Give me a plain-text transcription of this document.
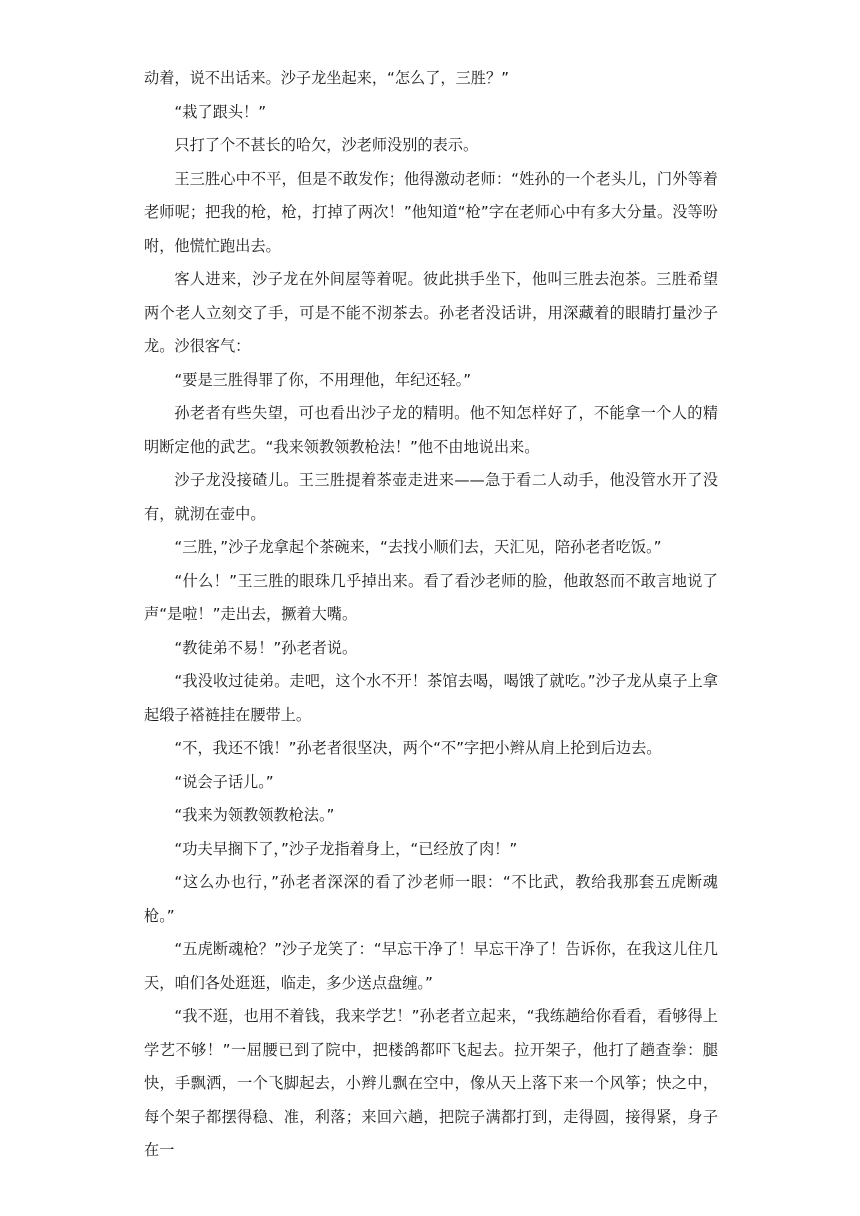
动着，说不出话来。沙子龙坐起来，“怎么了，三胜？”

“栽了跟头！”

只打了个不甚长的哈欠，沙老师没别的表示。

王三胜心中不平，但是不敢发作；他得激动老师：“姓孙的一个老头儿，门外等着老师呢；把我的枪，枪，打掉了两次！”他知道“枪”字在老师心中有多大分量。没等吩咐，他慌忙跑出去。

客人进来，沙子龙在外间屋等着呢。彼此拱手坐下，他叫三胜去泡茶。三胜希望两个老人立刻交了手，可是不能不沏茶去。孙老者没话讲，用深藏着的眼睛打量沙子龙。沙很客气：

“要是三胜得罪了你，不用理他，年纪还轻。”

孙老者有些失望，可也看出沙子龙的精明。他不知怎样好了，不能拿一个人的精明断定他的武艺。“我来领教领教枪法！”他不由地说出来。

沙子龙没接碴儿。王三胜提着茶壶走进来——急于看二人动手，他没管水开了没有，就沏在壶中。

“三胜，”沙子龙拿起个茶碗来，“去找小顺们去，天汇见，陪孙老者吃饭。”

“什么！”王三胜的眼珠几乎掉出来。看了看沙老师的脸，他敢怒而不敢言地说了声“是啦！”走出去，撅着大嘴。

“教徒弟不易！”孙老者说。

“我没收过徒弟。走吧，这个水不开！茶馆去喝，喝饿了就吃。”沙子龙从桌子上拿起缎子褡裢挂在腰带上。

“不，我还不饿！”孙老者很坚决，两个“不”字把小辫从肩上抡到后边去。

“说会子话儿。”

“我来为领教领教枪法。”

“功夫早搁下了，”沙子龙指着身上，“已经放了肉！”

“这么办也行，”孙老者深深的看了沙老师一眼：“不比武，教给我那套五虎断魂枪。”

“五虎断魂枪？”沙子龙笑了：“早忘干净了！早忘干净了！告诉你，在我这儿住几天，咱们各处逛逛，临走，多少送点盘缠。”

“我不逛，也用不着钱，我来学艺！”孙老者立起来，“我练趟给你看看，看够得上学艺不够！”一屈腰已到了院中，把楼鸽都吓飞起去。拉开架子，他打了趟查拳：腿快，手飘洒，一个飞脚起去，小辫儿飘在空中，像从天上落下来一个风筝；快之中，每个架子都摆得稳、准，利落；来回六趟，把院子满都打到，走得圆，接得紧，身子在一
